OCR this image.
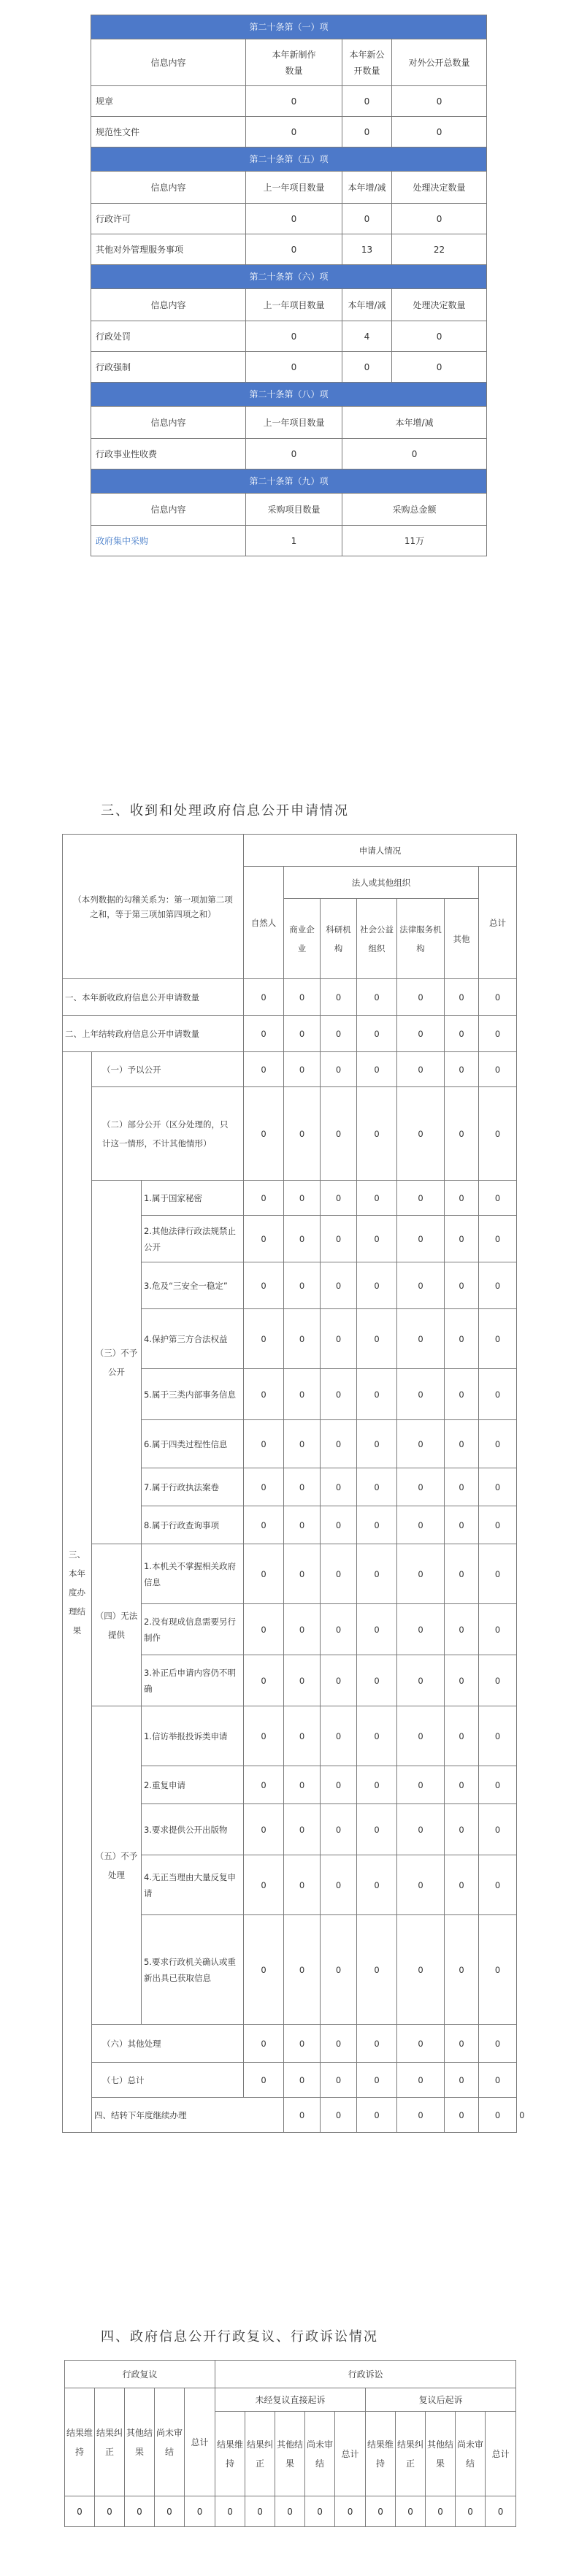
第二十条第（一）项			
信息内容	本年新制作数量	本年新公开数量	对外公开总数量
规章	0	0	0
规范性文件	0	0	0
第二十条第（五）项			
信息内容	上一年项目数量	本年增/减	处理决定数量
行政许可	0	0	0
其他对外管理服务事项	0	13	22
第二十条第（六）项			
信息内容	上一年项目数量	本年增/减	处理决定数量
行政处罚	0	4	0
行政强制	0	0	0
第二十条第（八）项			
信息内容	上一年项目数量	本年增/减	
行政事业性收费	0	0	
第二十条第（九）项			
信息内容	采购项目数量	采购总金额	
政府集中采购	1	11万	
三、收到和处理政府信息公开申请情况
（本列数据的勾稽关系为：第一项加第二项之和，等于第三项加第四项之和）			申请人情况							
			自然人	法人或其他组织					总计	
				商业企业	科研机构	社会公益组织	法律服务机构	其他		
一、本年新收政府信息公开申请数量			0	0	0	0	0	0	0	
二、上年结转政府信息公开申请数量			0	0	0	0	0	0	0	
三、本年度办理结果	（一）予以公开		0	0	0	0	0	0	0	
	（二）部分公开（区分处理的，只计这一情形，不计其他情形）		0	0	0	0	0	0	0	
	（三）不予公开	1.属于国家秘密	0	0	0	0	0	0	0	
		2.其他法律行政法规禁止公开	0	0	0	0	0	0	0	
		3.危及“三安全一稳定”	0	0	0	0	0	0	0	
		4.保护第三方合法权益	0	0	0	0	0	0	0	
		5.属于三类内部事务信息	0	0	0	0	0	0	0	
		6.属于四类过程性信息	0	0	0	0	0	0	0	
		7.属于行政执法案卷	0	0	0	0	0	0	0	
		8.属于行政查询事项	0	0	0	0	0	0	0	
	（四）无法提供	1.本机关不掌握相关政府信息	0	0	0	0	0	0	0	
		2.没有现成信息需要另行制作	0	0	0	0	0	0	0	
		3.补正后申请内容仍不明确	0	0	0	0	0	0	0	
	（五）不予处理	1.信访举报投诉类申请	0	0	0	0	0	0	0	
		2.重复申请	0	0	0	0	0	0	0	
		3.要求提供公开出版物	0	0	0	0	0	0	0	
		4.无正当理由大量反复申请	0	0	0	0	0	0	0	
		5.要求行政机关确认或重新出具已获取信息	0	0	0	0	0	0	0	
	（六）其他处理		0	0	0	0	0	0	0	
	（七）总计		0	0	0	0	0	0	0	
	四、结转下年度继续办理			0	0	0	0	0	0	0
四、政府信息公开行政复议、行政诉讼情况
行政复议					行政诉讼									
结果维持	结果纠正	其他结果	尚未审结	总计	未经复议直接起诉					复议后起诉				
					结果维持	结果纠正	其他结果	尚未审结	总计	结果维持	结果纠正	其他结果	尚未审结	总计
0	0	0	0	0	0	0	0	0	0	0	0	0	0	0
